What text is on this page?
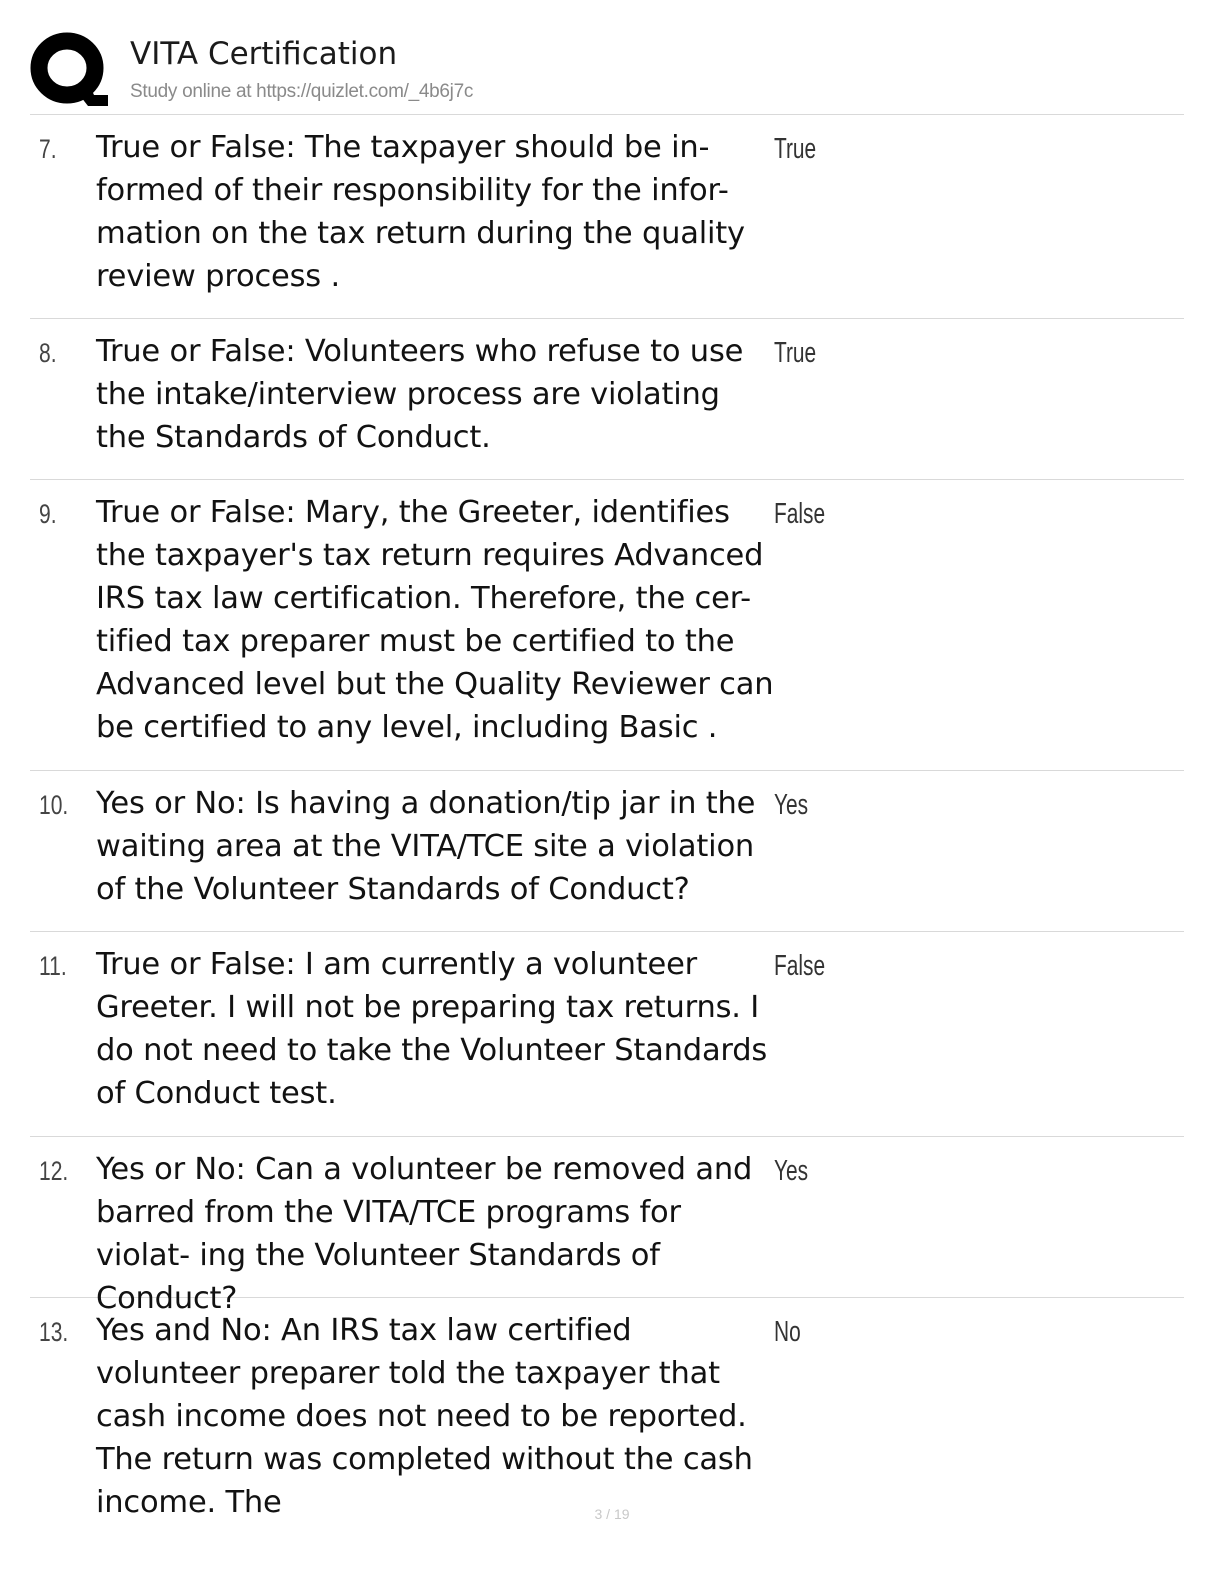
VITA Certification
Study online at https://quizlet.com/_4b6j7c
7. True or False: The taxpayer should be in- formed of their responsibility for the infor- mation on the tax return during the quality review process .
True
8. True or False: Volunteers who refuse to use the intake/interview process are violating the Standards of Conduct.
True
9. True or False: Mary, the Greeter, identifies the taxpayer's tax return requires Advanced IRS tax law certification. Therefore, the cer- tified tax preparer must be certified to the Advanced level but the Quality Reviewer can be certified to any level, including Basic .
False
10. Yes or No: Is having a donation/tip jar in the waiting area at the VITA/TCE site a violation of the Volunteer Standards of Conduct?
Yes
11. True or False: I am currently a volunteer Greeter. I will not be preparing tax returns. I do not need to take the Volunteer Standards of Conduct test.
False
12. Yes or No: Can a volunteer be removed and barred from the VITA/TCE programs for violat- ing the Volunteer Standards of Conduct?
Yes
13. Yes and No: An IRS tax law certified volunteer preparer told the taxpayer that cash income does not need to be reported. The return was completed without the cash income. The
No
3 / 19
